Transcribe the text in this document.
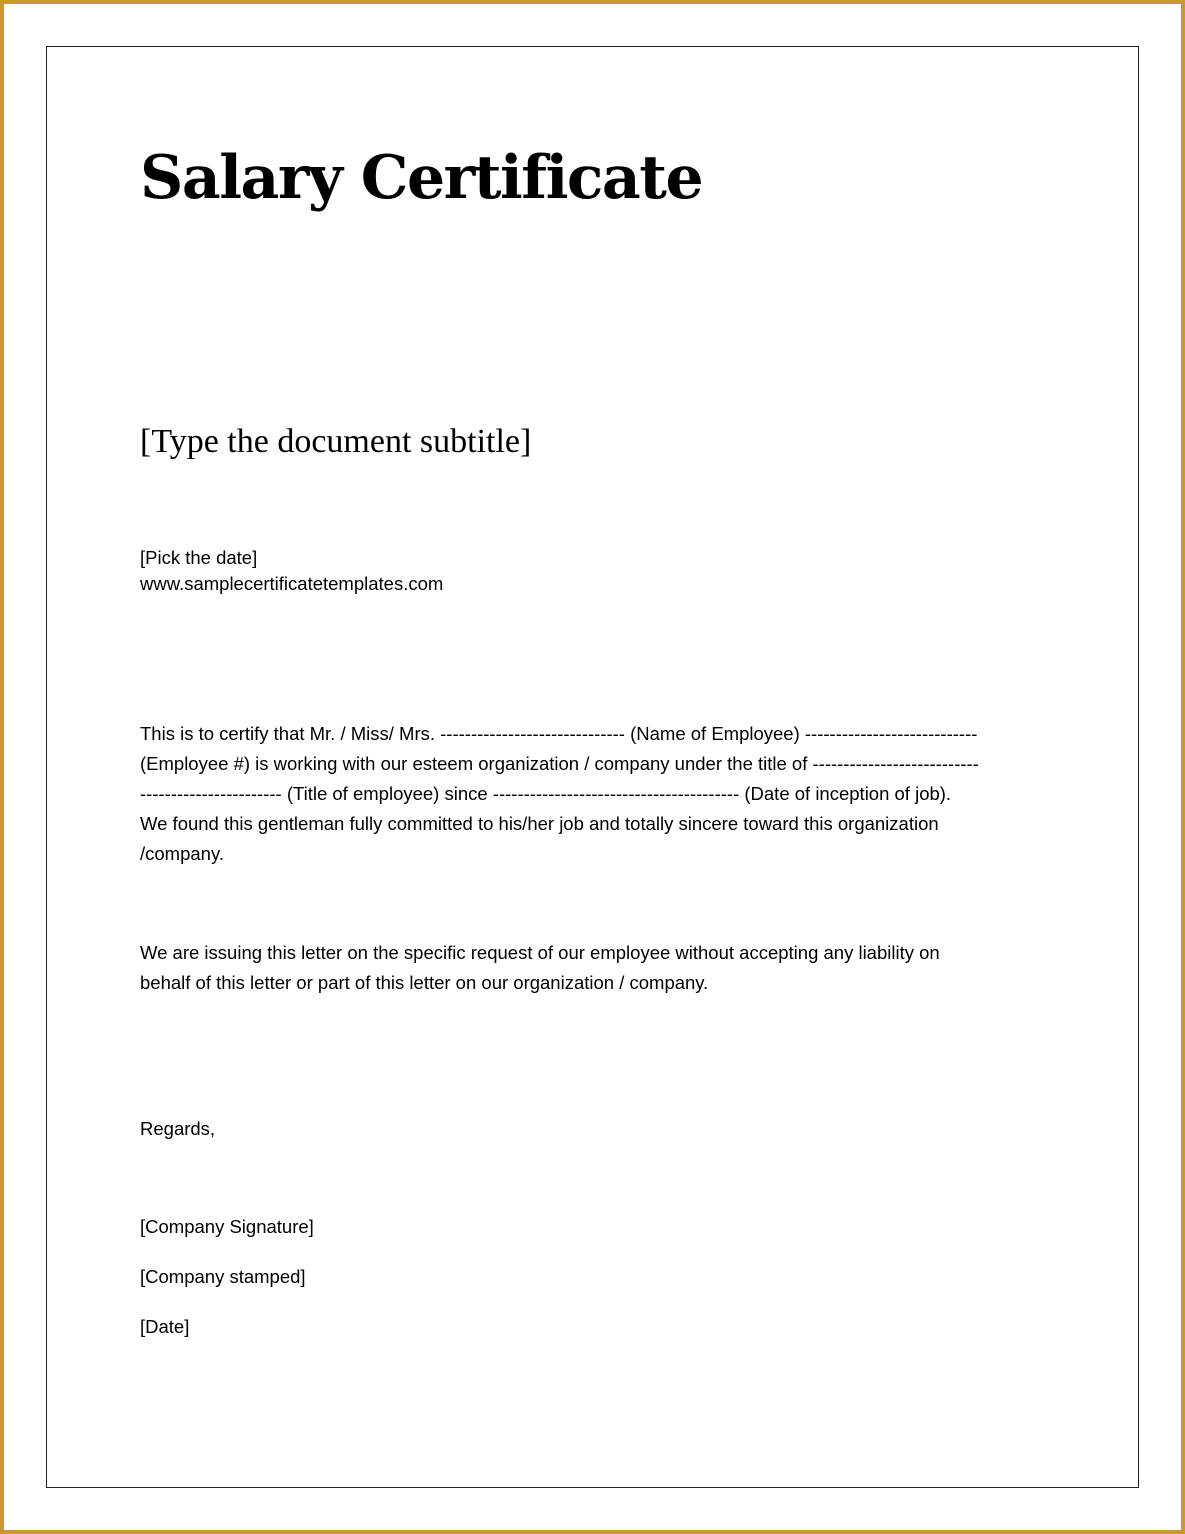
Salary Certificate
[Type the document subtitle]
[Pick the date]
www.samplecertificatetemplates.com

This is to certify that Mr. / Miss/ Mrs. ------------------------------ (Name of Employee) ----------------------------
(Employee #) is working with our esteem organization / company under the title of ---------------------------
----------------------- (Title of employee) since ---------------------------------------- (Date of inception of job).
We found this gentleman fully committed to his/her job and totally sincere toward this organization
/company.

We are issuing this letter on the specific request of our employee without accepting any liability on
behalf of this letter or part of this letter on our organization / company.

Regards,
[Company Signature]
[Company stamped]
[Date]
